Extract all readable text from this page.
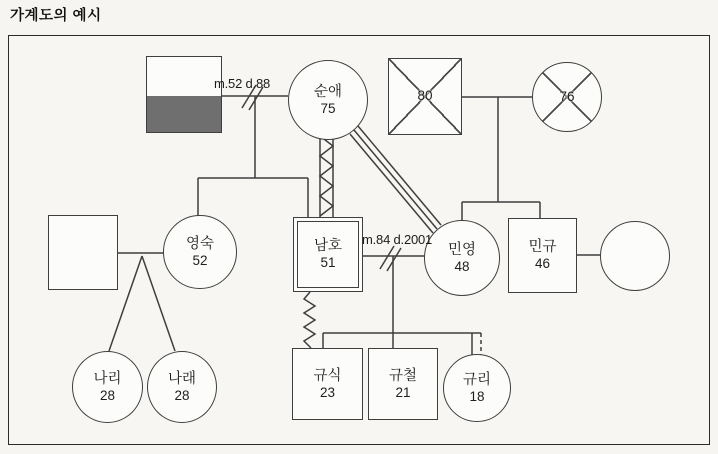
가계도의 예시
m.52 d.88
m.84 d.2001
순애
75
80	76
영숙
52
남호
51
민영
48
민규
46
나리
28
나래
28
규식
23
규철
21
규리
18
